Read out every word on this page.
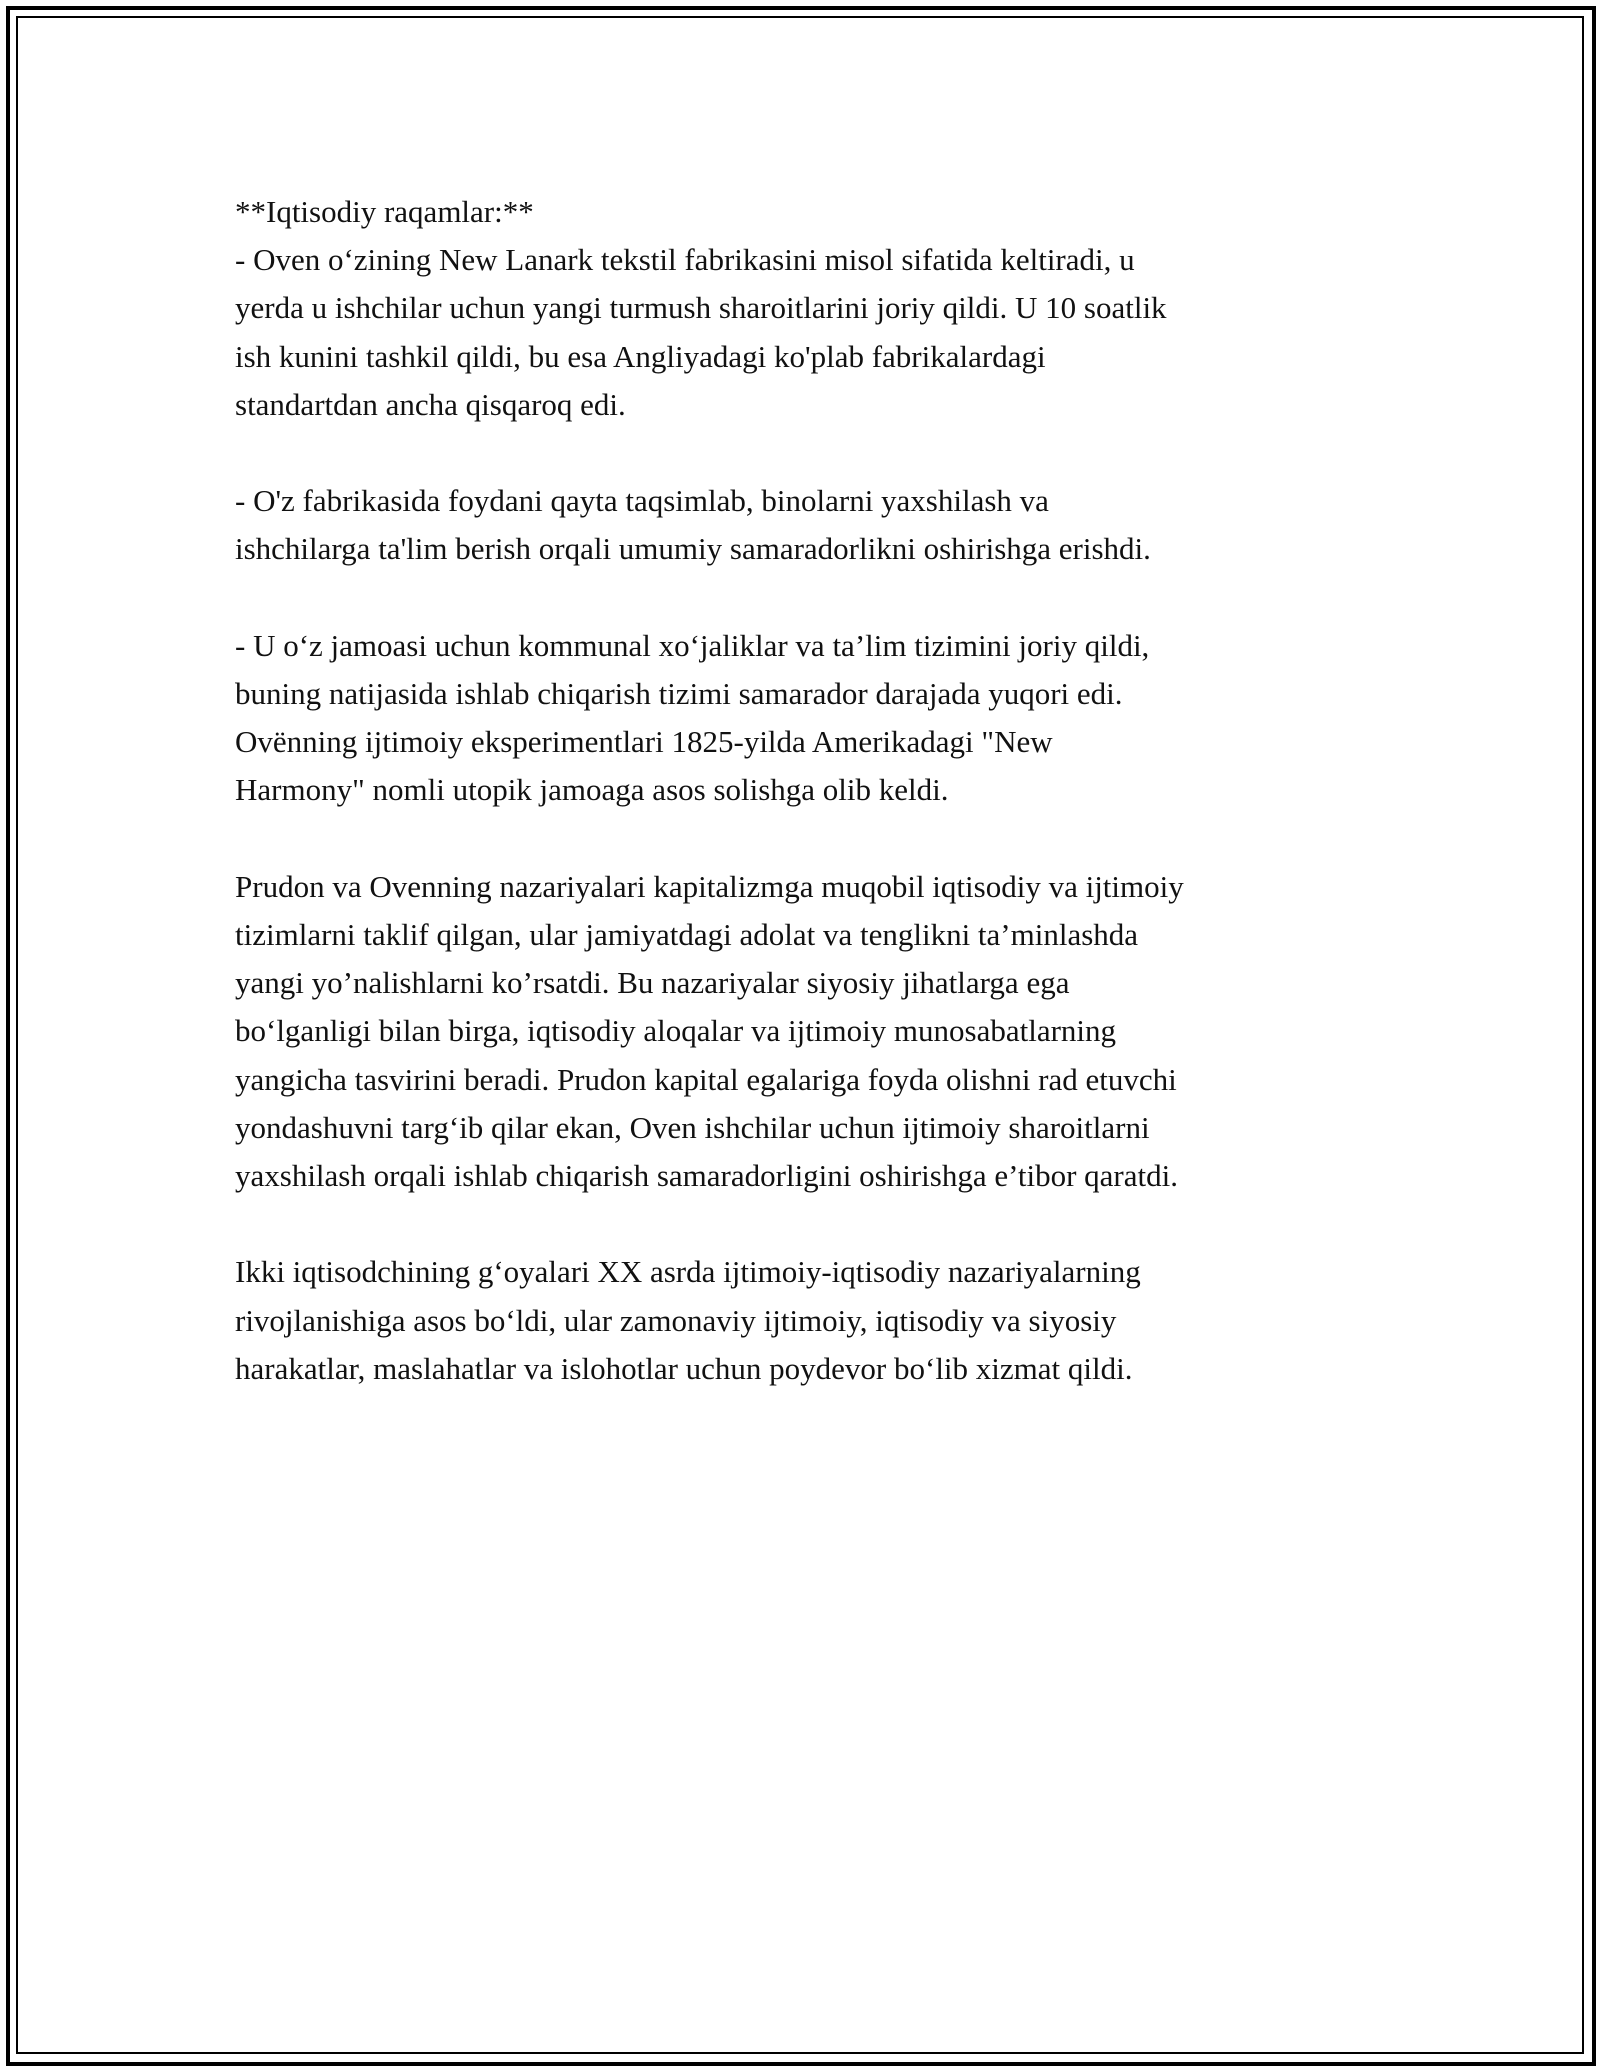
**Iqtisodiy raqamlar:**
- Oven o‘zining New Lanark tekstil fabrikasini misol sifatida keltiradi, u
yerda u ishchilar uchun yangi turmush sharoitlarini joriy qildi. U 10 soatlik
ish kunini tashkil qildi, bu esa Angliyadagi ko'plab fabrikalardagi
standartdan ancha qisqaroq edi.

- O'z fabrikasida foydani qayta taqsimlab, binolarni yaxshilash va
ishchilarga ta'lim berish orqali umumiy samaradorlikni oshirishga erishdi.

- U o‘z jamoasi uchun kommunal xo‘jaliklar va ta’lim tizimini joriy qildi,
buning natijasida ishlab chiqarish tizimi samarador darajada yuqori edi.
Ovënning ijtimoiy eksperimentlari 1825-yilda Amerikadagi "New
Harmony" nomli utopik jamoaga asos solishga olib keldi.

Prudon va Ovenning nazariyalari kapitalizmga muqobil iqtisodiy va ijtimoiy
tizimlarni taklif qilgan, ular jamiyatdagi adolat va tenglikni ta’minlashda
yangi yo’nalishlarni ko’rsatdi. Bu nazariyalar siyosiy jihatlarga ega
bo‘lganligi bilan birga, iqtisodiy aloqalar va ijtimoiy munosabatlarning
yangicha tasvirini beradi. Prudon kapital egalariga foyda olishni rad etuvchi
yondashuvni targ‘ib qilar ekan, Oven ishchilar uchun ijtimoiy sharoitlarni
yaxshilash orqali ishlab chiqarish samaradorligini oshirishga e’tibor qaratdi.

Ikki iqtisodchining g‘oyalari XX asrda ijtimoiy-iqtisodiy nazariyalarning
rivojlanishiga asos bo‘ldi, ular zamonaviy ijtimoiy, iqtisodiy va siyosiy
harakatlar, maslahatlar va islohotlar uchun poydevor bo‘lib xizmat qildi.
